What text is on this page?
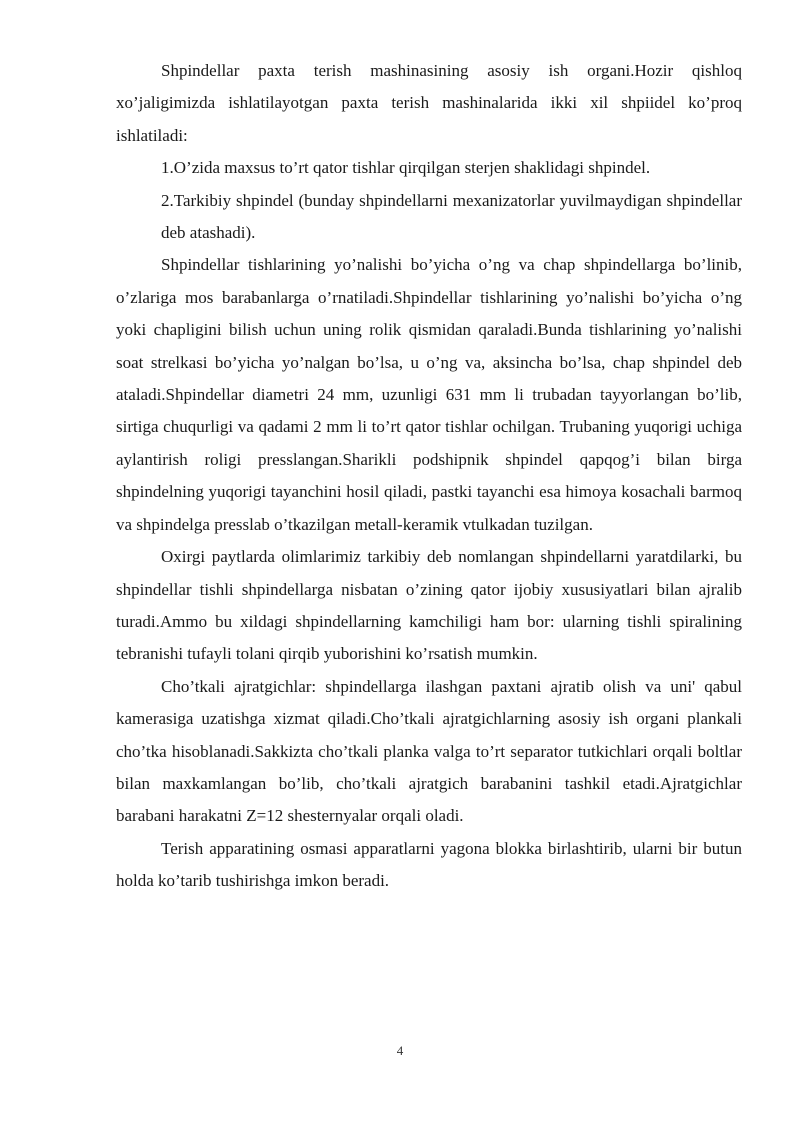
Shpindellar paxta terish mashinasining asosiy ish organi.Hozir qishloq xo’jaligimizda ishlatilayotgan paxta terish mashinalarida ikki xil shpiidel ko’proq ishlatiladi:

1.O’zida maxsus to’rt qator tishlar qirqilgan sterjen shaklidagi shpindel.

2.Tarkibiy shpindel (bunday shpindellarni mexanizatorlar yuvilmaydigan shpindellar deb atashadi).

Shpindellar tishlarining yo’nalishi bo’yicha o’ng va chap shpindellarga bo’linib, o’zlariga mos barabanlarga o’rnatiladi.Shpindellar tishlarining yo’nalishi bo’yicha o’ng yoki chapligini bilish uchun uning rolik qismidan qaraladi.Bunda tishlarining yo’nalishi soat strelkasi bo’yicha yo’nalgan bo’lsa, u o’ng va, aksincha bo’lsa, chap shpindel deb ataladi.Shpindellar diametri 24 mm, uzunligi 631 mm li trubadan tayyorlangan bo’lib, sirtiga chuqurligi va qadami 2 mm li to’rt qator tishlar ochilgan. Trubaning yuqorigi uchiga aylantirish roligi presslangan.Sharikli podshipnik shpindel qapqog’i bilan birga shpindelning yuqorigi tayanchini hosil qiladi, pastki tayanchi esa himoya kosachali barmoq va shpindelga presslab o’tkazilgan metall-keramik vtulkadan tuzilgan.

Oxirgi paytlarda olimlarimiz tarkibiy deb nomlangan shpindellarni yaratdilarki, bu shpindellar tishli shpindellarga nisbatan o’zining qator ijobiy xususiyatlari bilan ajralib turadi.Ammo bu xildagi shpindellarning kamchiligi ham bor: ularning tishli spiralining tebranishi tufayli tolani qirqib yuborishini ko’rsatish mumkin.

Cho’tkali ajratgichlar: shpindellarga ilashgan paxtani ajratib olish va uni' qabul kamerasiga uzatishga xizmat qiladi.Cho’tkali ajratgichlarning asosiy ish organi plankali cho’tka hisoblanadi.Sakkizta cho’tkali planka valga to’rt separator tutkichlari orqali boltlar bilan maxkamlangan bo’lib, cho’tkali ajratgich barabanini tashkil etadi.Ajratgichlar barabani harakatni Z=12 shesternyalar orqali oladi.

Terish apparatining osmasi apparatlarni yagona blokka birlashtirib, ularni bir butun holda ko’tarib tushirishga imkon beradi.

4
